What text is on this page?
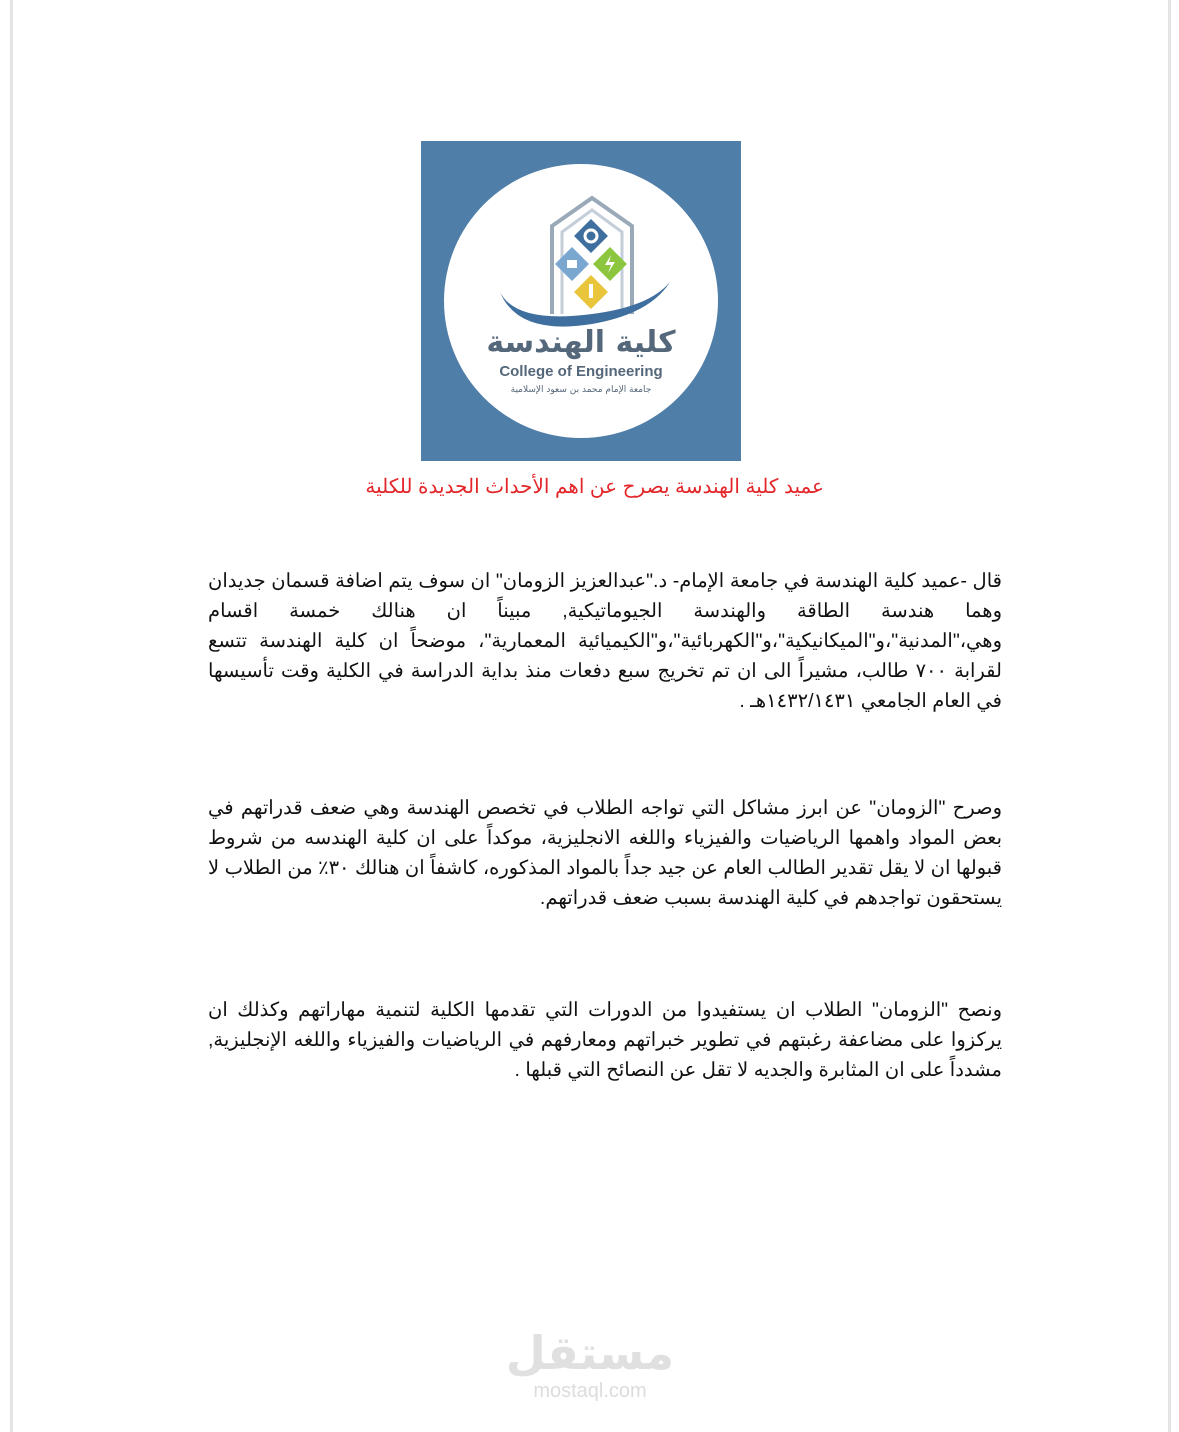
كلية الهندسة
College of Engineering
جامعة الإمام محمد بن سعود الإسلامية
عميد كلية الهندسة يصرح عن اهم الأحداث الجديدة للكلية

قال -عميد كلية الهندسة في جامعة الإمام- د."عبدالعزيز الزومان" ان سوف يتم اضافة قسمان جديدان وهما هندسة الطاقة والهندسة الجيوماتيكية, مبيناً ان هنالك خمسة اقسام وهي،"المدنية"،و"الميكانيكية"،و"الكهربائية"،و"الكيميائية المعمارية"، موضحاً ان كلية الهندسة تتسع لقرابة ٧٠٠ طالب، مشيراً الى ان تم تخريج سبع دفعات منذ بداية الدراسة في الكلية وقت تأسيسها في العام الجامعي ١٤٣٢/١٤٣١هـ .

وصرح "الزومان" عن ابرز مشاكل التي تواجه الطلاب في تخصص الهندسة وهي ضعف قدراتهم في بعض المواد واهمها الرياضيات والفيزياء واللغه الانجليزية، موكداً على ان كلية الهندسه من شروط قبولها ان لا يقل تقدير الطالب العام عن جيد جداً بالمواد المذكوره، كاشفاً ان هنالك ٣٠٪ من الطلاب لا يستحقون تواجدهم في كلية الهندسة بسبب ضعف قدراتهم.

ونصح "الزومان" الطلاب ان يستفيدوا من الدورات التي تقدمها الكلية لتنمية مهاراتهم وكذلك ان يركزوا على مضاعفة رغبتهم في تطوير خبراتهم ومعارفهم في الرياضيات والفيزياء واللغه الإنجليزية, مشدداً على ان المثابرة والجديه لا تقل عن النصائح التي قبلها .

مستقل
mostaql.com
